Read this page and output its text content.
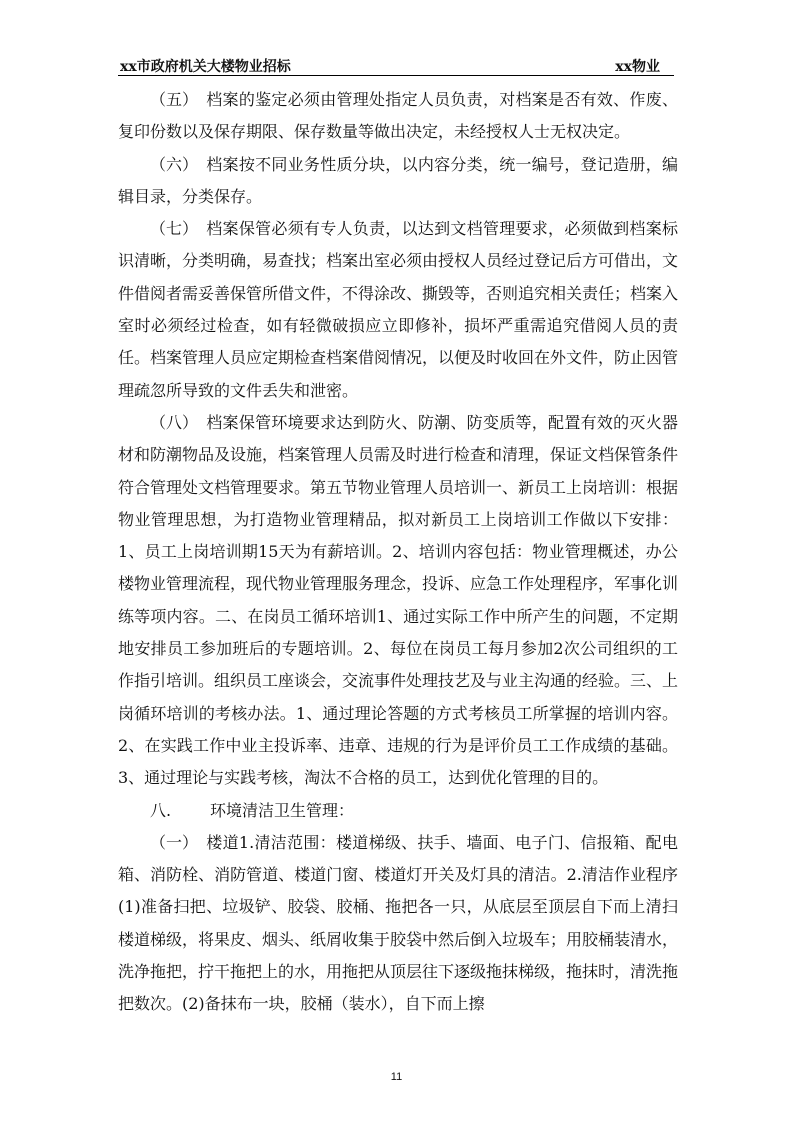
xx市政府机关大楼物业招标	xx物业

（五） 档案的鉴定必须由管理处指定人员负责，对档案是否有效、作废、复印份数以及保存期限、保存数量等做出决定，未经授权人士无权决定。

（六） 档案按不同业务性质分块，以内容分类，统一编号，登记造册，编辑目录，分类保存。

（七） 档案保管必须有专人负责，以达到文档管理要求，必须做到档案标识清晰，分类明确，易查找；档案出室必须由授权人员经过登记后方可借出，文件借阅者需妥善保管所借文件，不得涂改、撕毁等，否则追究相关责任；档案入室时必须经过检查，如有轻微破损应立即修补，损坏严重需追究借阅人员的责任。档案管理人员应定期检查档案借阅情况，以便及时收回在外文件，防止因管理疏忽所导致的文件丢失和泄密。

（八） 档案保管环境要求达到防火、防潮、防变质等，配置有效的灭火器材和防潮物品及设施，档案管理人员需及时进行检查和清理，保证文档保管条件符合管理处文档管理要求。第五节物业管理人员培训一、新员工上岗培训：根据物业管理思想，为打造物业管理精品，拟对新员工上岗培训工作做以下安排：1、员工上岗培训期15天为有薪培训。2、培训内容包括：物业管理概述，办公楼物业管理流程，现代物业管理服务理念，投诉、应急工作处理程序，军事化训练等项内容。二、在岗员工循环培训1、通过实际工作中所产生的问题，不定期地安排员工参加班后的专题培训。2、每位在岗员工每月参加2次公司组织的工作指引培训。组织员工座谈会，交流事件处理技艺及与业主沟通的经验。三、上岗循环培训的考核办法。1、通过理论答题的方式考核员工所掌握的培训内容。2、在实践工作中业主投诉率、违章、违规的行为是评价员工工作成绩的基础。3、通过理论与实践考核，淘汰不合格的员工，达到优化管理的目的。

八. 环境清洁卫生管理：

（一） 楼道1.清洁范围：楼道梯级、扶手、墙面、电子门、信报箱、配电箱、消防栓、消防管道、楼道门窗、楼道灯开关及灯具的清洁。2.清洁作业程序(1)准备扫把、垃圾铲、胶袋、胶桶、拖把各一只，从底层至顶层自下而上清扫楼道梯级，将果皮、烟头、纸屑收集于胶袋中然后倒入垃圾车；用胶桶装清水，洗净拖把，拧干拖把上的水，用拖把从顶层往下逐级拖抹梯级，拖抹时，清洗拖把数次。(2)备抹布一块，胶桶（装水），自下而上擦

11
